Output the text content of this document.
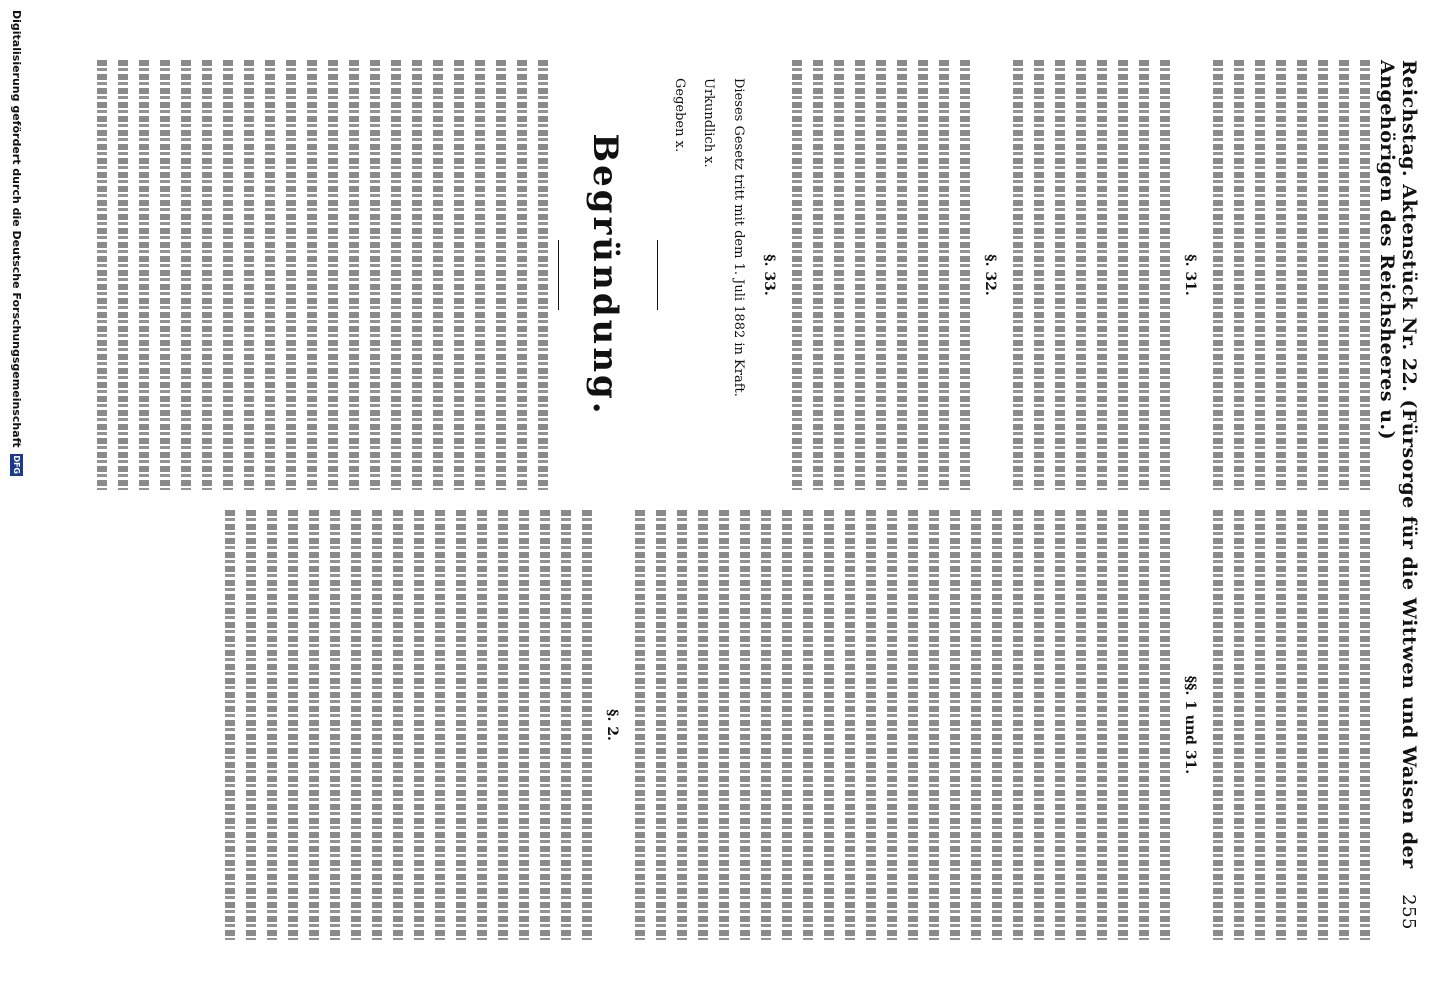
Reichstag. Aktenstück Nr. 22. (Fürsorge für die Wittwen und Waisen der Angehörigen des Reichsheeres u.)
255
§. 31.
§. 32.
§. 33.

Dieses Gesetz tritt mit dem 1. Juli 1882 in Kraft.

Urkundlich x.

Gegeben x.

Begründung.
§§. 1 und 31.
§. 2.
Digitalisierung gefördert durch die Deutsche Forschungsgemeinschaft
DFG
